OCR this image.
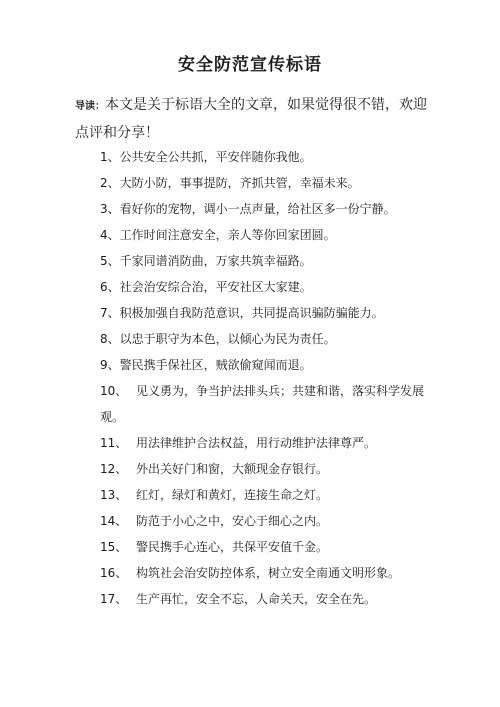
安全防范宣传标语
导读：本文是关于标语大全的文章，如果觉得很不错，欢迎点评和分享！
1、公共安全公共抓，平安伴随你我他。
2、大防小防，事事提防，齐抓共管，幸福未来。
3、看好你的宠物，调小一点声量，给社区多一份宁静。
4、工作时间注意安全，亲人等你回家团圆。
5、千家同谱消防曲，万家共筑幸福路。
6、社会治安综合治，平安社区大家建。
7、积极加强自我防范意识，共同提高识骗防骗能力。
8、以忠于职守为本色，以倾心为民为责任。
9、警民携手保社区，贼欲偷窥闻而退。
10、 见义勇为，争当护法排头兵；共建和谐，落实科学发展观。
11、 用法律维护合法权益，用行动维护法律尊严。
12、 外出关好门和窗，大额现金存银行。
13、 红灯，绿灯和黄灯，连接生命之灯。
14、 防范于小心之中，安心于细心之内。
15、 警民携手心连心，共保平安值千金。
16、 构筑社会治安防控体系，树立安全南通文明形象。
17、 生产再忙，安全不忘，人命关天，安全在先。
